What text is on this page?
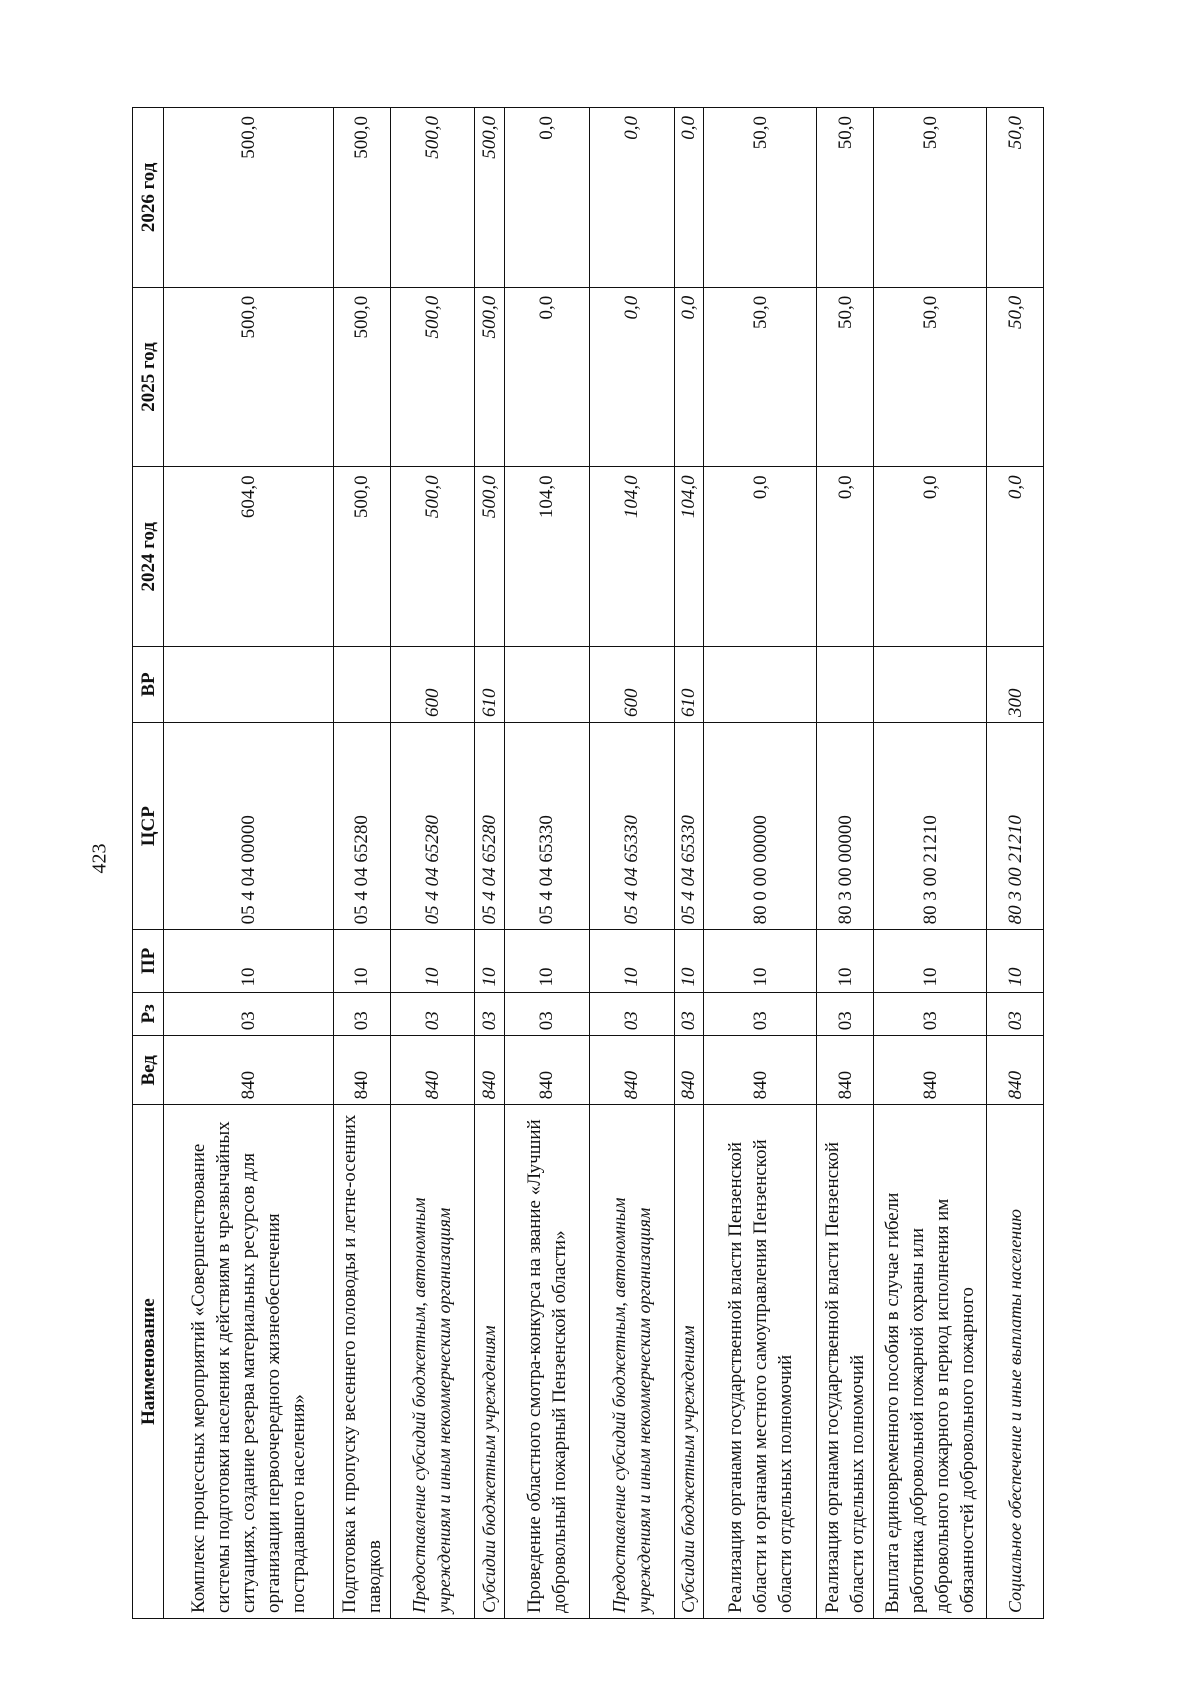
423
Наименование	Вед	Рз	ПР	ЦСР	ВР	2024 год	2025 год	2026 год
Комплекс процессных мероприятий «Совершенствование системы подготовки населения к действиям в чрезвычайных ситуациях, создание резерва материальных ресурсов для организации первоочередного жизнеобеспечения пострадавшего населения»	840	03	10	05 4 04 00000		604,0	500,0	500,0
Подготовка к пропуску весеннего половодья и летне-осенних паводков	840	03	10	05 4 04 65280		500,0	500,0	500,0
Предоставление субсидий бюджетным, автономным учреждениям и иным некоммерческим организациям	840	03	10	05 4 04 65280	600	500,0	500,0	500,0
Субсидии бюджетным учреждениям	840	03	10	05 4 04 65280	610	500,0	500,0	500,0
Проведение областного смотра-конкурса на звание «Лучший добровольный пожарный Пензенской области»	840	03	10	05 4 04 65330		104,0	0,0	0,0
Предоставление субсидий бюджетным, автономным учреждениям и иным некоммерческим организациям	840	03	10	05 4 04 65330	600	104,0	0,0	0,0
Субсидии бюджетным учреждениям	840	03	10	05 4 04 65330	610	104,0	0,0	0,0
Реализация органами государственной власти Пензенской области и органами местного самоуправления Пензенской области отдельных полномочий	840	03	10	80 0 00 00000		0,0	50,0	50,0
Реализация органами государственной власти Пензенской области отдельных полномочий	840	03	10	80 3 00 00000		0,0	50,0	50,0
Выплата единовременного пособия в случае гибели работника добровольной пожарной охраны или добровольного пожарного в период исполнения им обязанностей добровольного пожарного	840	03	10	80 3 00 21210		0,0	50,0	50,0
Социальное обеспечение и иные выплаты населению	840	03	10	80 3 00 21210	300	0,0	50,0	50,0
